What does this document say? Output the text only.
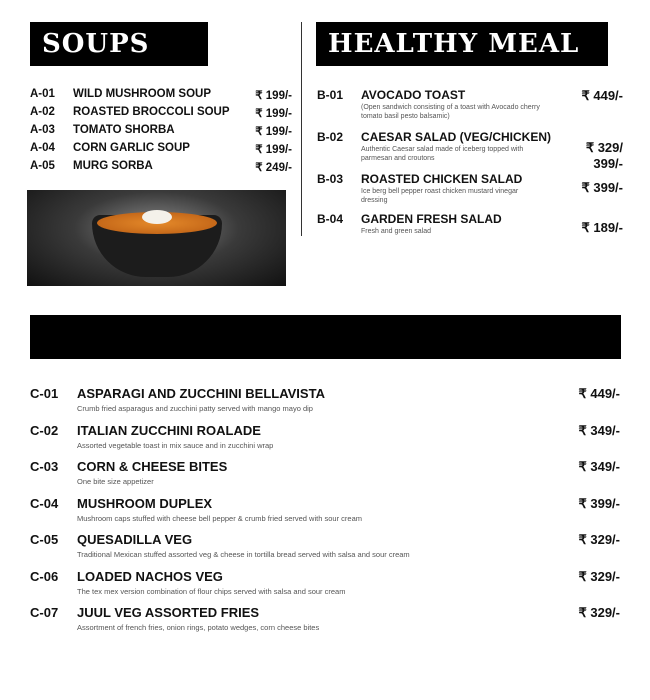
SOUPS	HEALTHY MEAL
A-01	WILD MUSHROOM SOUP	₹ 199/-
A-02	ROASTED BROCCOLI SOUP	₹ 199/-
A-03	TOMATO SHORBA	₹ 199/-
A-04	CORN GARLIC SOUP	₹ 199/-
A-05	MURG SORBA	₹ 249/-
B-01 AVOCADO TOAST
(Open sandwich consisting of a toast with Avocado cherry tomato basil pesto balsamic)
₹ 449/-
B-02 CAESAR SALAD (VEG/CHICKEN)
Authentic Caesar salad made of iceberg topped with parmesan and croutons
₹ 329/ 399/-
B-03 ROASTED CHICKEN SALAD
Ice berg bell pepper roast chicken mustard vinegar dressing
₹ 399/-
B-04 GARDEN FRESH SALAD
Fresh and green salad	₹ 189/-
C-01 ASPARAGI AND ZUCCHINI BELLAVISTA
Crumb fried asparagus and zucchini patty served with mango mayo dip
₹ 449/-
C-02 ITALIAN ZUCCHINI ROALADE
Assorted vegetable toast in mix sauce and in zucchini wrap
₹ 349/-
C-03 CORN & CHEESE BITES
One bite size appetizer
₹ 349/-
C-04 MUSHROOM DUPLEX
Mushroom caps stuffed with cheese bell pepper & crumb fried served with sour cream
₹ 399/-
C-05 QUESADILLA VEG
Traditional Mexican stuffed assorted veg & cheese in tortilla bread served with salsa and sour cream
₹ 329/-
C-06 LOADED NACHOS VEG
The tex mex version combination of flour chips served with salsa and sour cream
₹ 329/-
C-07 JUUL VEG ASSORTED FRIES
Assortment of french fries, onion rings, potato wedges, corn cheese bites
₹ 329/-
